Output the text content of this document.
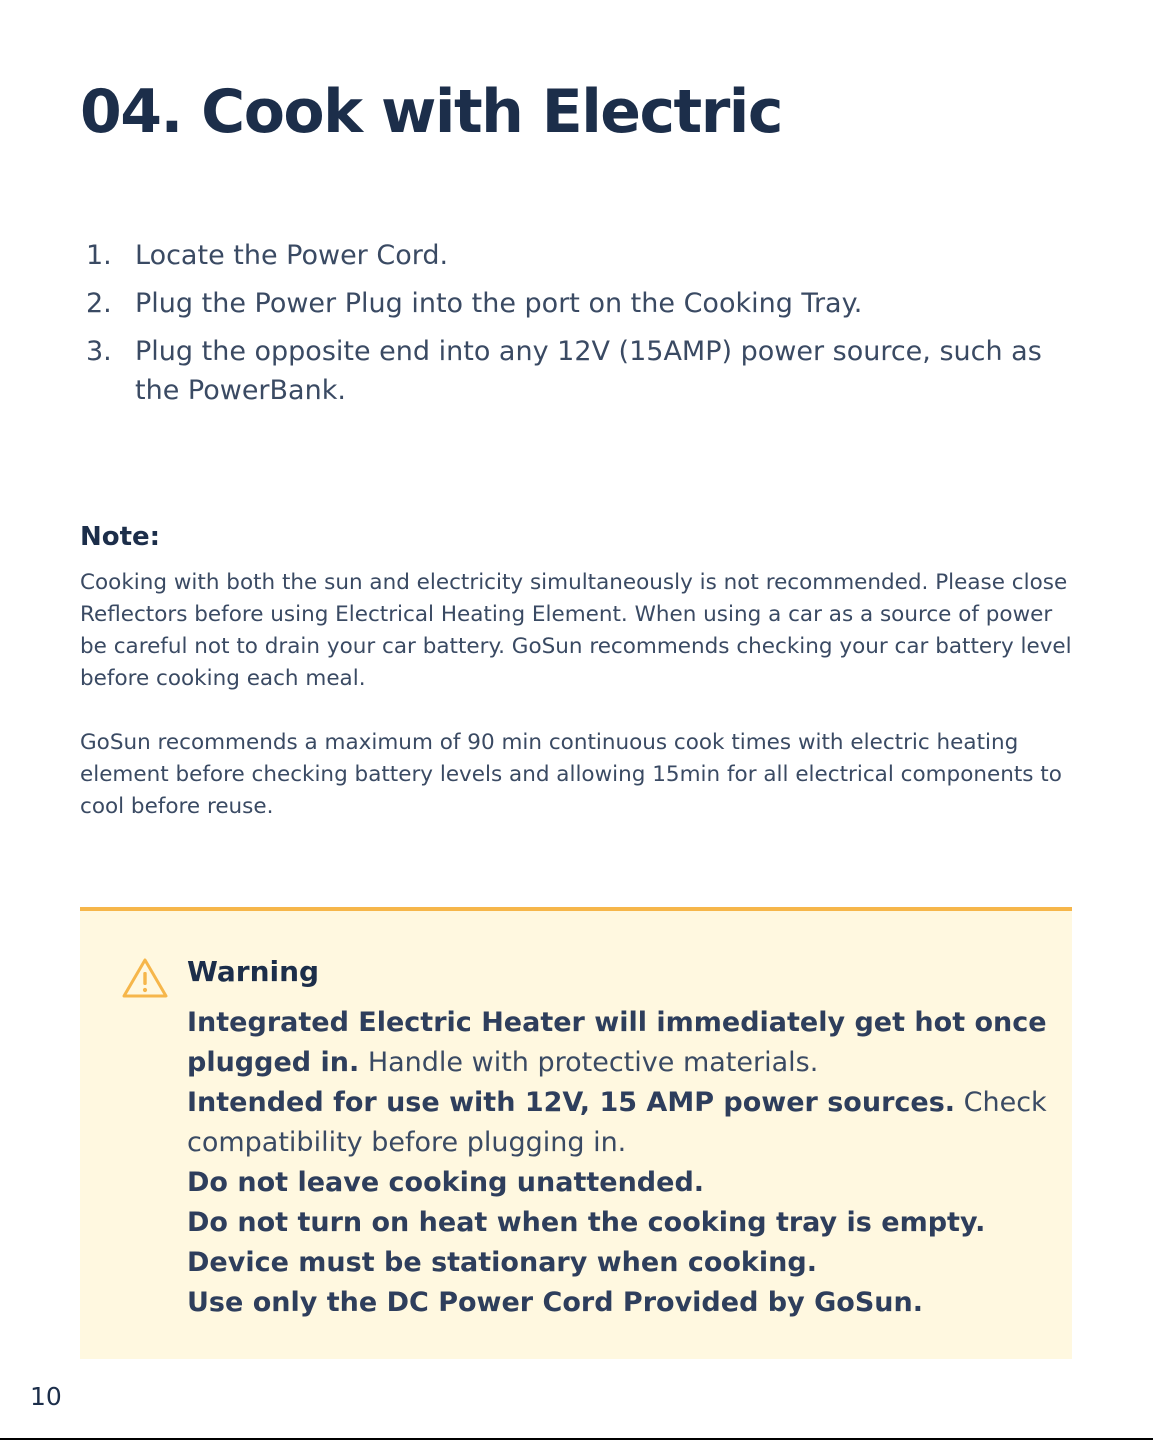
04. Cook with Electric
1. Locate the Power Cord.
2. Plug the Power Plug into the port on the Cooking Tray.
3. Plug the opposite end into any 12V (15AMP) power source, such as the PowerBank.
Note:

Cooking with both the sun and electricity simultaneously is not recommended. Please close Reflectors before using Electrical Heating Element. When using a car as a source of power be careful not to drain your car battery. GoSun recommends checking your car battery level before cooking each meal.

GoSun recommends a maximum of 90 min continuous cook times with electric heating element before checking battery levels and allowing 15min for all electrical components to cool before reuse.

Warning

Integrated Electric Heater will immediately get hot once plugged in. Handle with protective materials.

Intended for use with 12V, 15 AMP power sources. Check compatibility before plugging in.

Do not leave cooking unattended.

Do not turn on heat when the cooking tray is empty.

Device must be stationary when cooking.

Use only the DC Power Cord Provided by GoSun.

10
